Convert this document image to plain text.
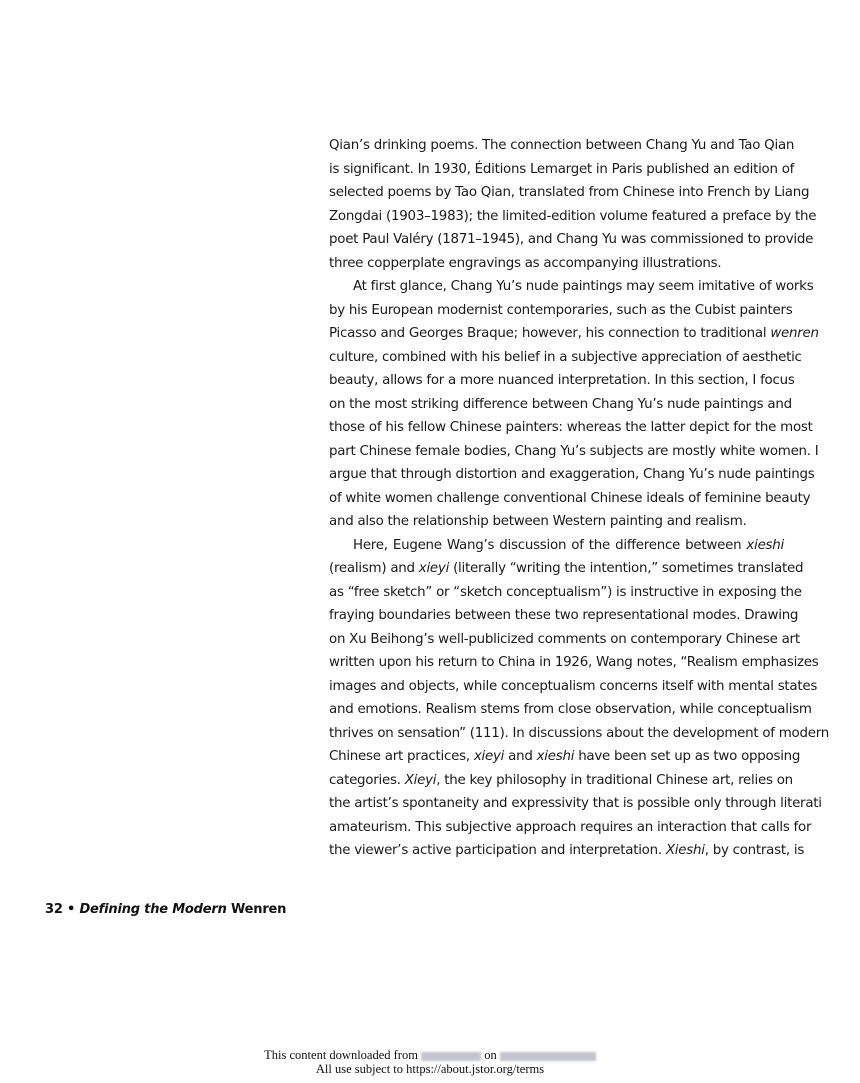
Qian’s drinking poems. The connection between Chang Yu and Tao Qian
is significant. In 1930, Éditions Lemarget in Paris published an edition of
selected poems by Tao Qian, translated from Chinese into French by Liang
Zongdai (1903–1983); the limited-edition volume featured a preface by the
poet Paul Valéry (1871–1945), and Chang Yu was commissioned to provide
three copperplate engravings as accompanying illustrations.
At first glance, Chang Yu’s nude paintings may seem imitative of works
by his European modernist contemporaries, such as the Cubist painters
Picasso and Georges Braque; however, his connection to traditional wenren
culture, combined with his belief in a subjective appreciation of aesthetic
beauty, allows for a more nuanced interpretation. In this section, I focus
on the most striking difference between Chang Yu’s nude paintings and
those of his fellow Chinese painters: whereas the latter depict for the most
part Chinese female bodies, Chang Yu’s subjects are mostly white women. I
argue that through distortion and exaggeration, Chang Yu’s nude paintings
of white women challenge conventional Chinese ideals of feminine beauty
and also the relationship between Western painting and realism.
Here, Eugene Wang’s discussion of the difference between xieshi
(realism) and xieyi (literally “writing the intention,” sometimes translated
as “free sketch” or “sketch conceptualism”) is instructive in exposing the
fraying boundaries between these two representational modes. Drawing
on Xu Beihong’s well-publicized comments on contemporary Chinese art
written upon his return to China in 1926, Wang notes, “Realism emphasizes
images and objects, while conceptualism concerns itself with mental states
and emotions. Realism stems from close observation, while conceptualism
thrives on sensation” (111). In discussions about the development of modern
Chinese art practices, xieyi and xieshi have been set up as two opposing
categories. Xieyi, the key philosophy in traditional Chinese art, relies on
the artist’s spontaneity and expressivity that is possible only through literati
amateurism. This subjective approach requires an interaction that calls for
the viewer’s active participation and interpretation. Xieshi, by contrast, is
32 • Defining the Modern Wenren
This content downloaded from	on
All use subject to https://about.jstor.org/terms
